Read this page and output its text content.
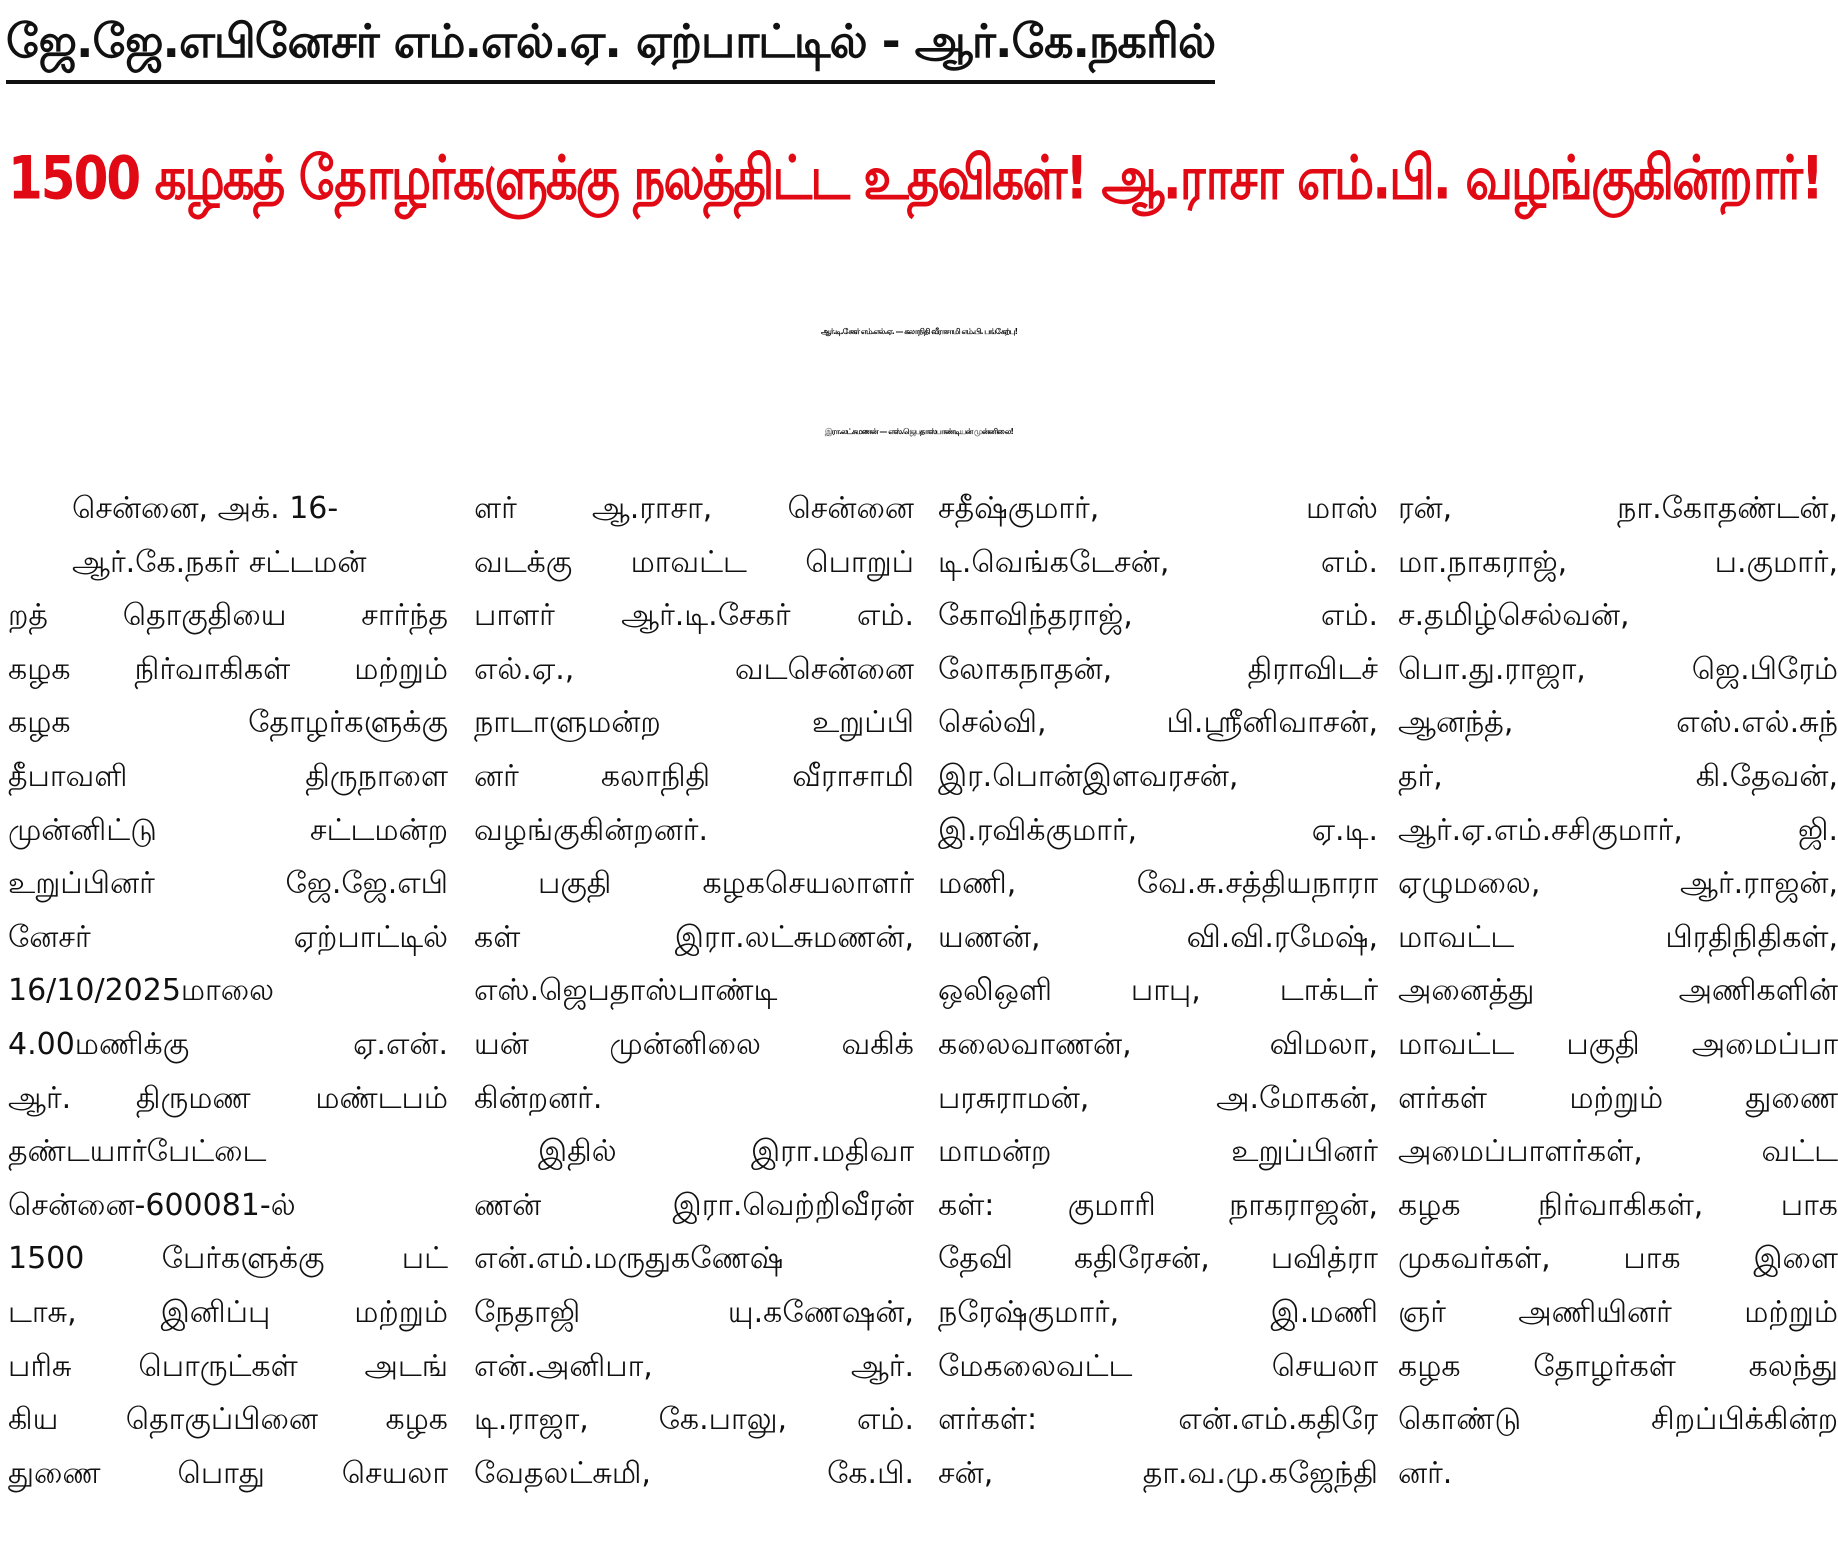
ஜே.ஜே.எபினேசர் எம்.எல்.ஏ. ஏற்பாட்டில் - ஆர்.கே.நகரில்
1500 கழகத் தோழர்களுக்கு நலத்திட்ட உதவிகள்! ஆ.ராசா எம்.பி. வழங்குகின்றார்!
ஆர்.டி.சேகர் எம்.எல்.ஏ. — கலாநிதி வீராசாமி எம்.பி. பங்கேற்பு!
இரா.லட்சுமணன் — எஸ்.ஜெபதாஸ்பாண்டியன் முன்னிலை!
சென்னை, அக். 16-
ஆர்.கே.நகர் சட்டமன்
றத் தொகுதியை சார்ந்த
கழக நிர்வாகிகள் மற்றும்
கழக தோழர்களுக்கு
தீபாவளி திருநாளை
முன்னிட்டு சட்டமன்ற
உறுப்பினர் ஜே.ஜே.எபி
னேசர் ஏற்பாட்டில்
16/10/2025மாலை
4.00மணிக்கு ஏ.என்.
ஆர். திருமண மண்டபம்
தண்டயார்பேட்டை
சென்னை-600081-ல்
1500 பேர்களுக்கு பட்
டாசு, இனிப்பு மற்றும்
பரிசு பொருட்கள் அடங்
கிய தொகுப்பினை கழக
துணை பொது செயலா
ளர் ஆ.ராசா, சென்னை
வடக்கு மாவட்ட பொறுப்
பாளர் ஆர்.டி.சேகர் எம்.
எல்.ஏ., வடசென்னை
நாடாளுமன்ற உறுப்பி
னர் கலாநிதி வீராசாமி
வழங்குகின்றனர்.
பகுதி கழகசெயலாளர்
கள் இரா.லட்சுமணன்,
எஸ்.ஜெபதாஸ்பாண்டி
யன் முன்னிலை வகிக்
கின்றனர்.
இதில் இரா.மதிவா
ணன் இரா.வெற்றிவீரன்
என்.எம்.மருதுகணேஷ்
நேதாஜி யு.கணேஷன்,
என்.அனிபா, ஆர்.
டி.ராஜா, கே.பாலு, எம்.
வேதலட்சுமி, கே.பி.
சதீஷ்குமார், மாஸ்
டி.வெங்கடேசன், எம்.
கோவிந்தராஜ், எம்.
லோகநாதன், திராவிடச்
செல்வி, பி.ஸ்ரீனிவாசன்,
இர.பொன்இளவரசன்,
இ.ரவிக்குமார், ஏ.டி.
மணி, வே.சு.சத்தியநாரா
யணன், வி.வி.ரமேஷ்,
ஒலிஒளி பாபு, டாக்டர்
கலைவாணன், விமலா,
பரசுராமன், அ.மோகன்,
மாமன்ற உறுப்பினர்
கள்: குமாரி நாகராஜன்,
தேவி கதிரேசன், பவித்ரா
நரேஷ்குமார், இ.மணி
மேகலைவட்ட செயலா
ளர்கள்: என்.எம்.கதிரே
சன், தா.வ.மு.கஜேந்தி
ரன், நா.கோதண்டன்,
மா.நாகராஜ், ப.குமார்,
ச.தமிழ்செல்வன்,
பொ.து.ராஜா, ஜெ.பிரேம்
ஆனந்த், எஸ்.எல்.சுந்
தர், கி.தேவன்,
ஆர்.ஏ.எம்.சசிகுமார், ஜி.
ஏழுமலை, ஆர்.ராஜன்,
மாவட்ட பிரதிநிதிகள்,
அனைத்து அணிகளின்
மாவட்ட பகுதி அமைப்பா
ளர்கள் மற்றும் துணை
அமைப்பாளர்கள், வட்ட
கழக நிர்வாகிகள், பாக
முகவர்கள், பாக இளை
ஞர் அணியினர் மற்றும்
கழக தோழர்கள் கலந்து
கொண்டு சிறப்பிக்கின்ற
னர்.
